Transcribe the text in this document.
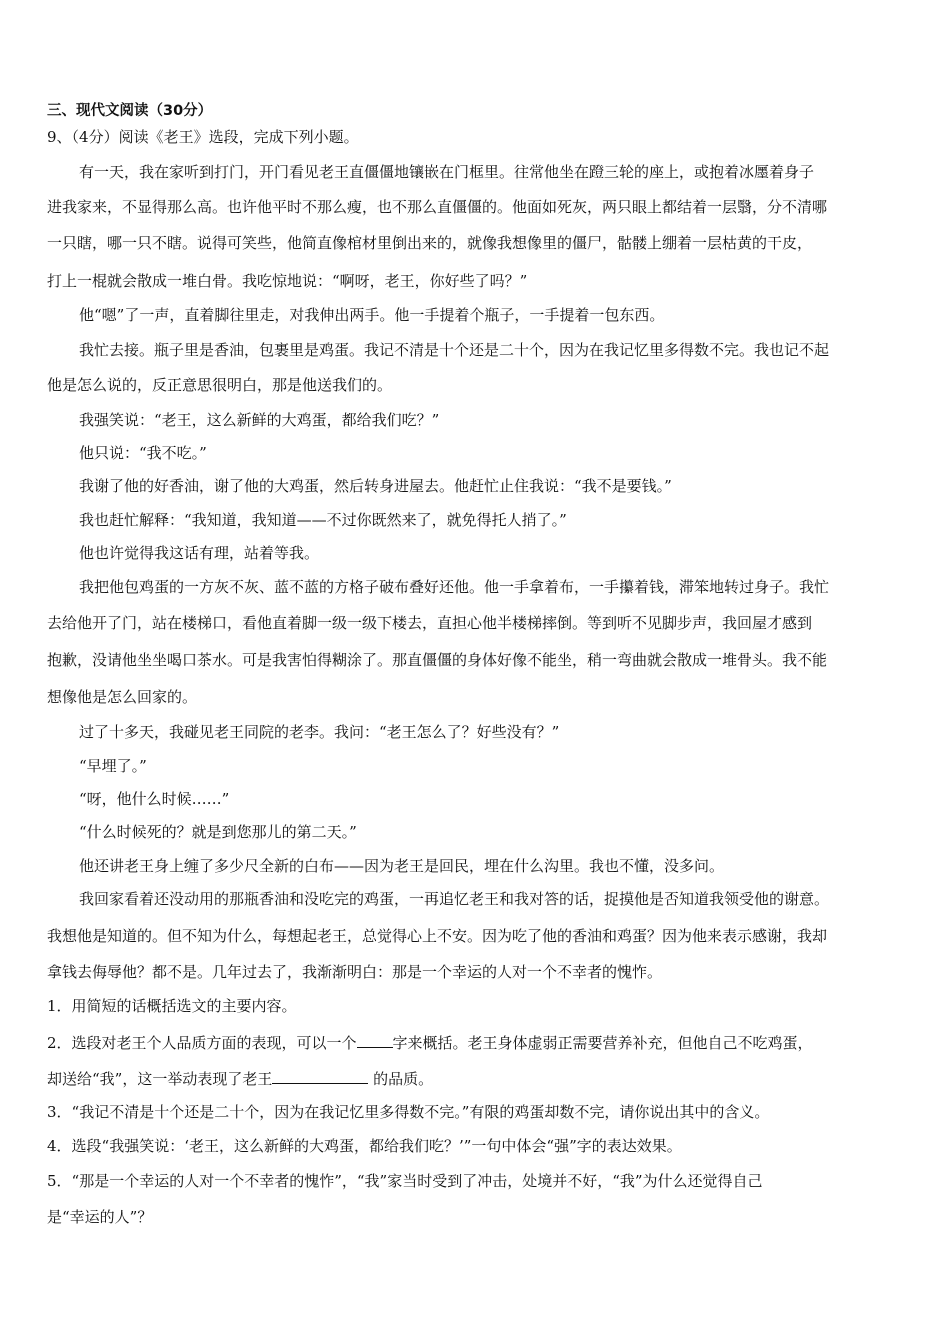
三、现代文阅读（30分）
9、（4分）阅读《老王》选段，完成下列小题。
有一天，我在家听到打门，开门看见老王直僵僵地镶嵌在门框里。往常他坐在蹬三轮的座上，或抱着冰㕓着身子
进我家来，不显得那么高。也许他平时不那么瘦，也不那么直僵僵的。他面如死灰，两只眼上都结着一层翳，分不清哪
一只瞎，哪一只不瞎。说得可笑些，他简直像棺材里倒出来的，就像我想像里的僵尸，骷髅上绷着一层枯黄的干皮，
打上一棍就会散成一堆白骨。我吃惊地说：“啊呀，老王，你好些了吗？”
他“嗯”了一声，直着脚往里走，对我伸出两手。他一手提着个瓶子，一手提着一包东西。
我忙去接。瓶子里是香油，包裹里是鸡蛋。我记不清是十个还是二十个，因为在我记忆里多得数不完。我也记不起
他是怎么说的，反正意思很明白，那是他送我们的。
我强笑说：“老王，这么新鲜的大鸡蛋，都给我们吃？”
他只说：“我不吃。”
我谢了他的好香油，谢了他的大鸡蛋，然后转身进屋去。他赶忙止住我说：“我不是要钱。”
我也赶忙解释：“我知道，我知道——不过你既然来了，就免得托人捎了。”
他也许觉得我这话有理，站着等我。
我把他包鸡蛋的一方灰不灰、蓝不蓝的方格子破布叠好还他。他一手拿着布，一手攥着钱，滞笨地转过身子。我忙
去给他开了门，站在楼梯口，看他直着脚一级一级下楼去，直担心他半楼梯摔倒。等到听不见脚步声，我回屋才感到
抱歉，没请他坐坐喝口茶水。可是我害怕得糊涂了。那直僵僵的身体好像不能坐，稍一弯曲就会散成一堆骨头。我不能
想像他是怎么回家的。
过了十多天，我碰见老王同院的老李。我问：“老王怎么了？好些没有？”
“早埋了。”
“呀，他什么时候……”
“什么时候死的？就是到您那儿的第二天。”
他还讲老王身上缠了多少尺全新的白布——因为老王是回民，埋在什么沟里。我也不懂，没多问。
我回家看着还没动用的那瓶香油和没吃完的鸡蛋，一再追忆老王和我对答的话，捉摸他是否知道我领受他的谢意。
我想他是知道的。但不知为什么，每想起老王，总觉得心上不安。因为吃了他的香油和鸡蛋？因为他来表示感谢，我却
拿钱去侮辱他？都不是。几年过去了，我渐渐明白：那是一个幸运的人对一个不幸者的愧怍。
1．用简短的话概括选文的主要内容。
2．选段对老王个人品质方面的表现，可以一个 字来概括。老王身体虚弱正需要营养补充，但他自己不吃鸡蛋，
却送给“我”，这一举动表现了老王	的品质。
3．“我记不清是十个还是二十个，因为在我记忆里多得数不完。”有限的鸡蛋却数不完，请你说出其中的含义。
4．选段“我强笑说：‘老王，这么新鲜的大鸡蛋，都给我们吃？’”一句中体会“强”字的表达效果。
5．“那是一个幸运的人对一个不幸者的愧怍”，“我”家当时受到了冲击，处境并不好，“我”为什么还觉得自己
是“幸运的人”？
